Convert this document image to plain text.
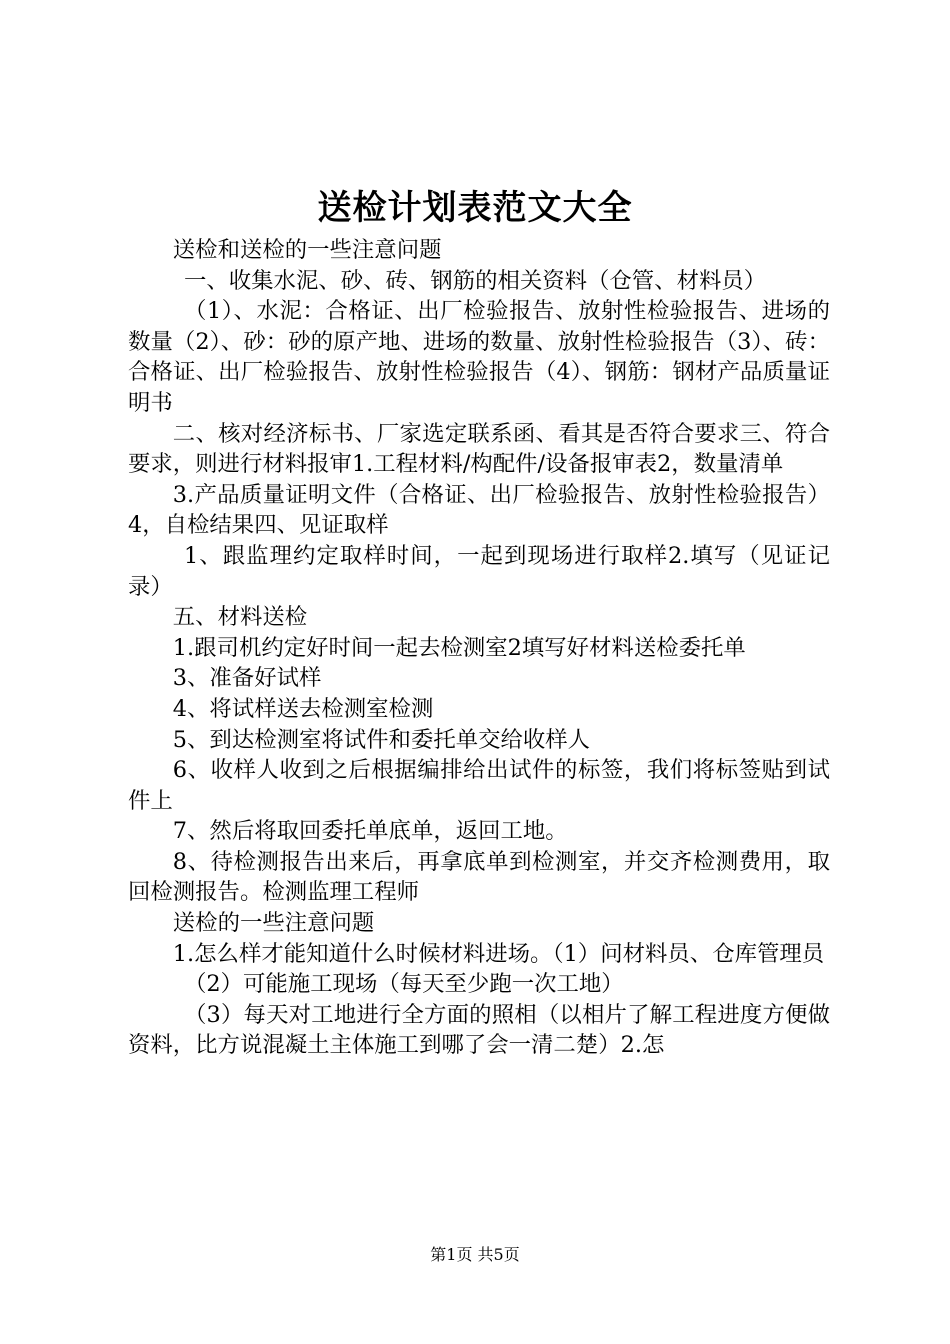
送检计划表范文大全

送检和送检的一些注意问题

一、收集水泥、砂、砖、钢筋的相关资料（仓管、材料员）

（1）、水泥：合格证、出厂检验报告、放射性检验报告、进场的数量（2）、砂：砂的原产地、进场的数量、放射性检验报告（3）、砖：合格证、出厂检验报告、放射性检验报告（4）、钢筋：钢材产品质量证明书

二、核对经济标书、厂家选定联系函、看其是否符合要求三、符合要求，则进行材料报审1.工程材料/构配件/设备报审表2，数量清单

3.产品质量证明文件（合格证、出厂检验报告、放射性检验报告）4，自检结果四、见证取样

1、跟监理约定取样时间，一起到现场进行取样2.填写（见证记录）

五、材料送检

1.跟司机约定好时间一起去检测室2填写好材料送检委托单

3、准备好试样

4、将试样送去检测室检测

5、到达检测室将试件和委托单交给收样人

6、收样人收到之后根据编排给出试件的标签，我们将标签贴到试件上

7、然后将取回委托单底单，返回工地。

8、待检测报告出来后，再拿底单到检测室，并交齐检测费用，取回检测报告。检测监理工程师

送检的一些注意问题

1.怎么样才能知道什么时候材料进场。（1）问材料员、仓库管理员

（2）可能施工现场（每天至少跑一次工地）

（3）每天对工地进行全方面的照相（以相片了解工程进度方便做资料，比方说混凝土主体施工到哪了会一清二楚）2.怎

第1页 共5页
